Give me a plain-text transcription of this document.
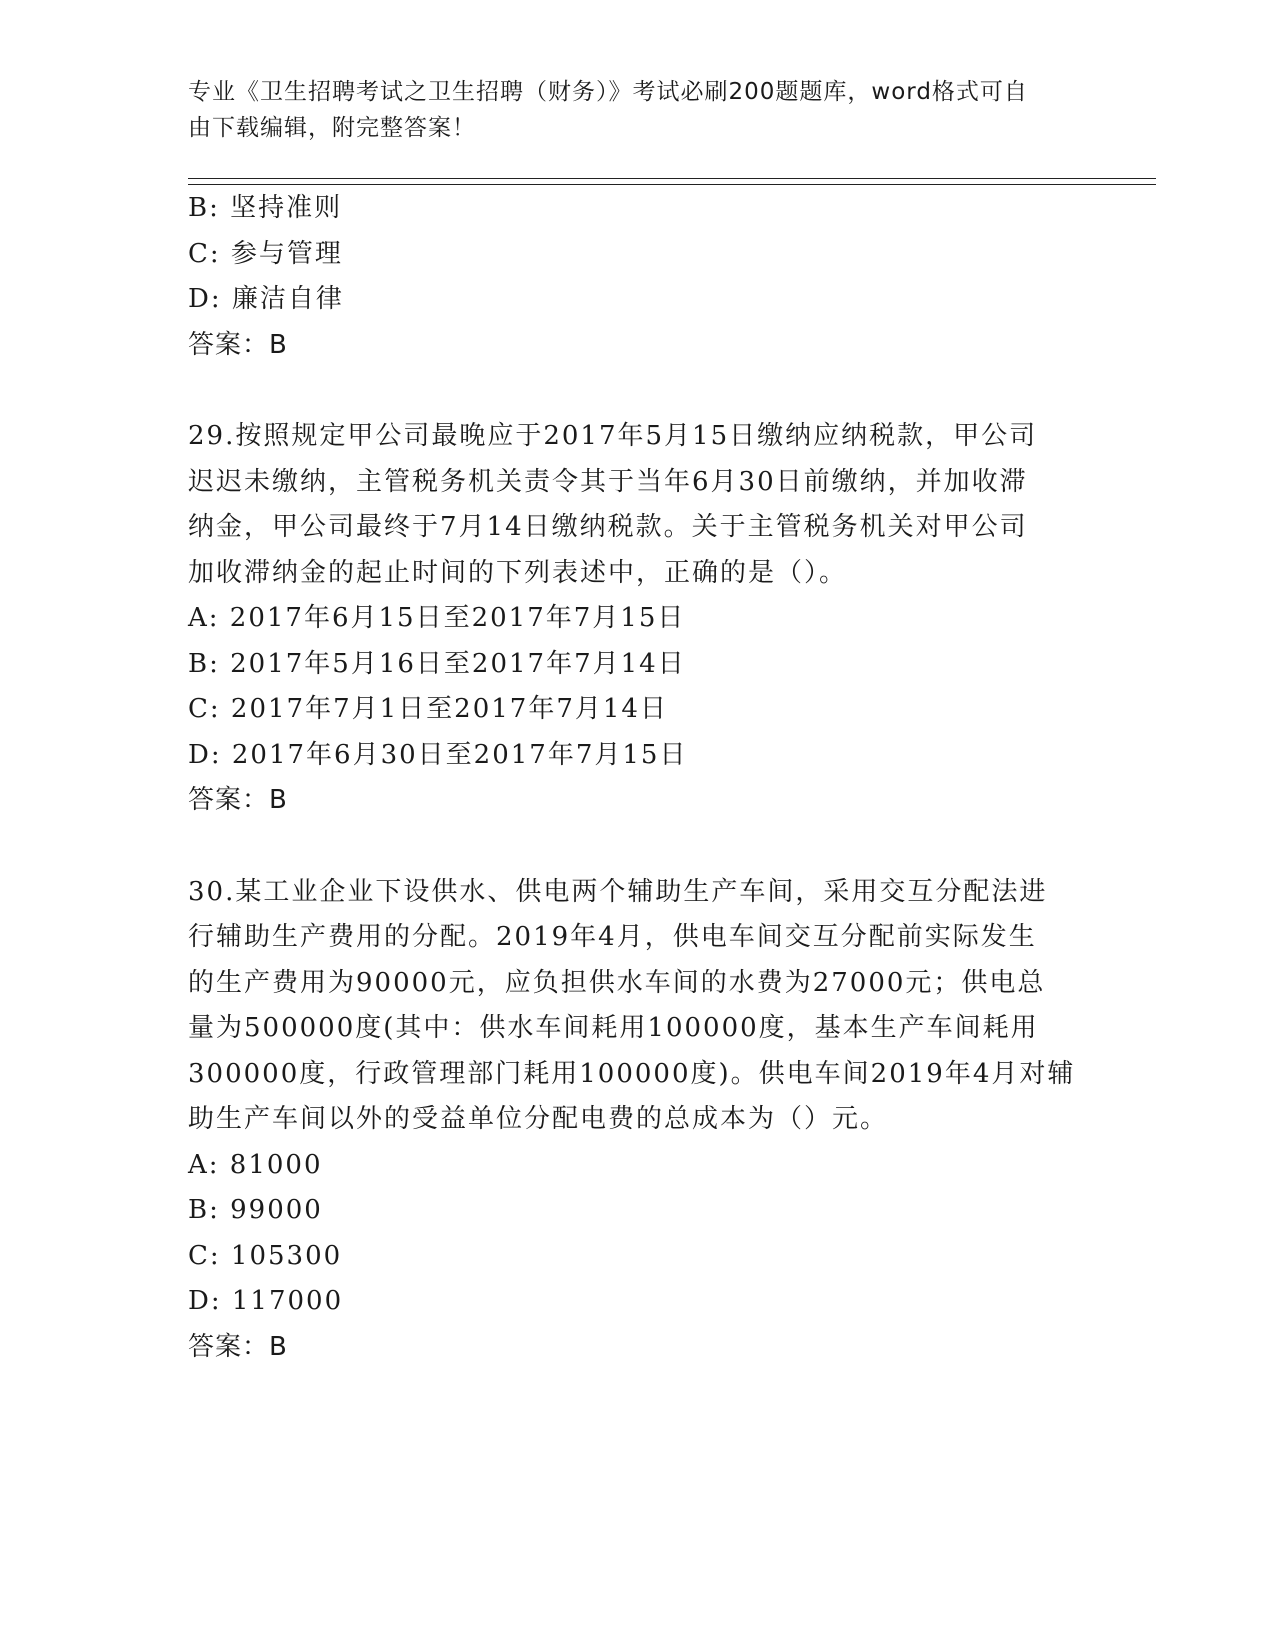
专业《卫生招聘考试之卫生招聘（财务）》考试必刷200题题库，word格式可自
由下载编辑，附完整答案！
B: 坚持准则
C: 参与管理
D: 廉洁自律
答案：B
29.按照规定甲公司最晚应于2017年5月15日缴纳应纳税款，甲公司
迟迟未缴纳，主管税务机关责令其于当年6月30日前缴纳，并加收滞
纳金，甲公司最终于7月14日缴纳税款。关于主管税务机关对甲公司
加收滞纳金的起止时间的下列表述中，正确的是（）。
A: 2017年6月15日至2017年7月15日
B: 2017年5月16日至2017年7月14日
C: 2017年7月1日至2017年7月14日
D: 2017年6月30日至2017年7月15日
答案：B
30.某工业企业下设供水、供电两个辅助生产车间，采用交互分配法进
行辅助生产费用的分配。2019年4月，供电车间交互分配前实际发生
的生产费用为90000元，应负担供水车间的水费为27000元；供电总
量为500000度(其中：供水车间耗用100000度，基本生产车间耗用
300000度，行政管理部门耗用100000度)。供电车间2019年4月对辅
助生产车间以外的受益单位分配电费的总成本为（）元。
A: 81000
B: 99000
C: 105300
D: 117000
答案：B
